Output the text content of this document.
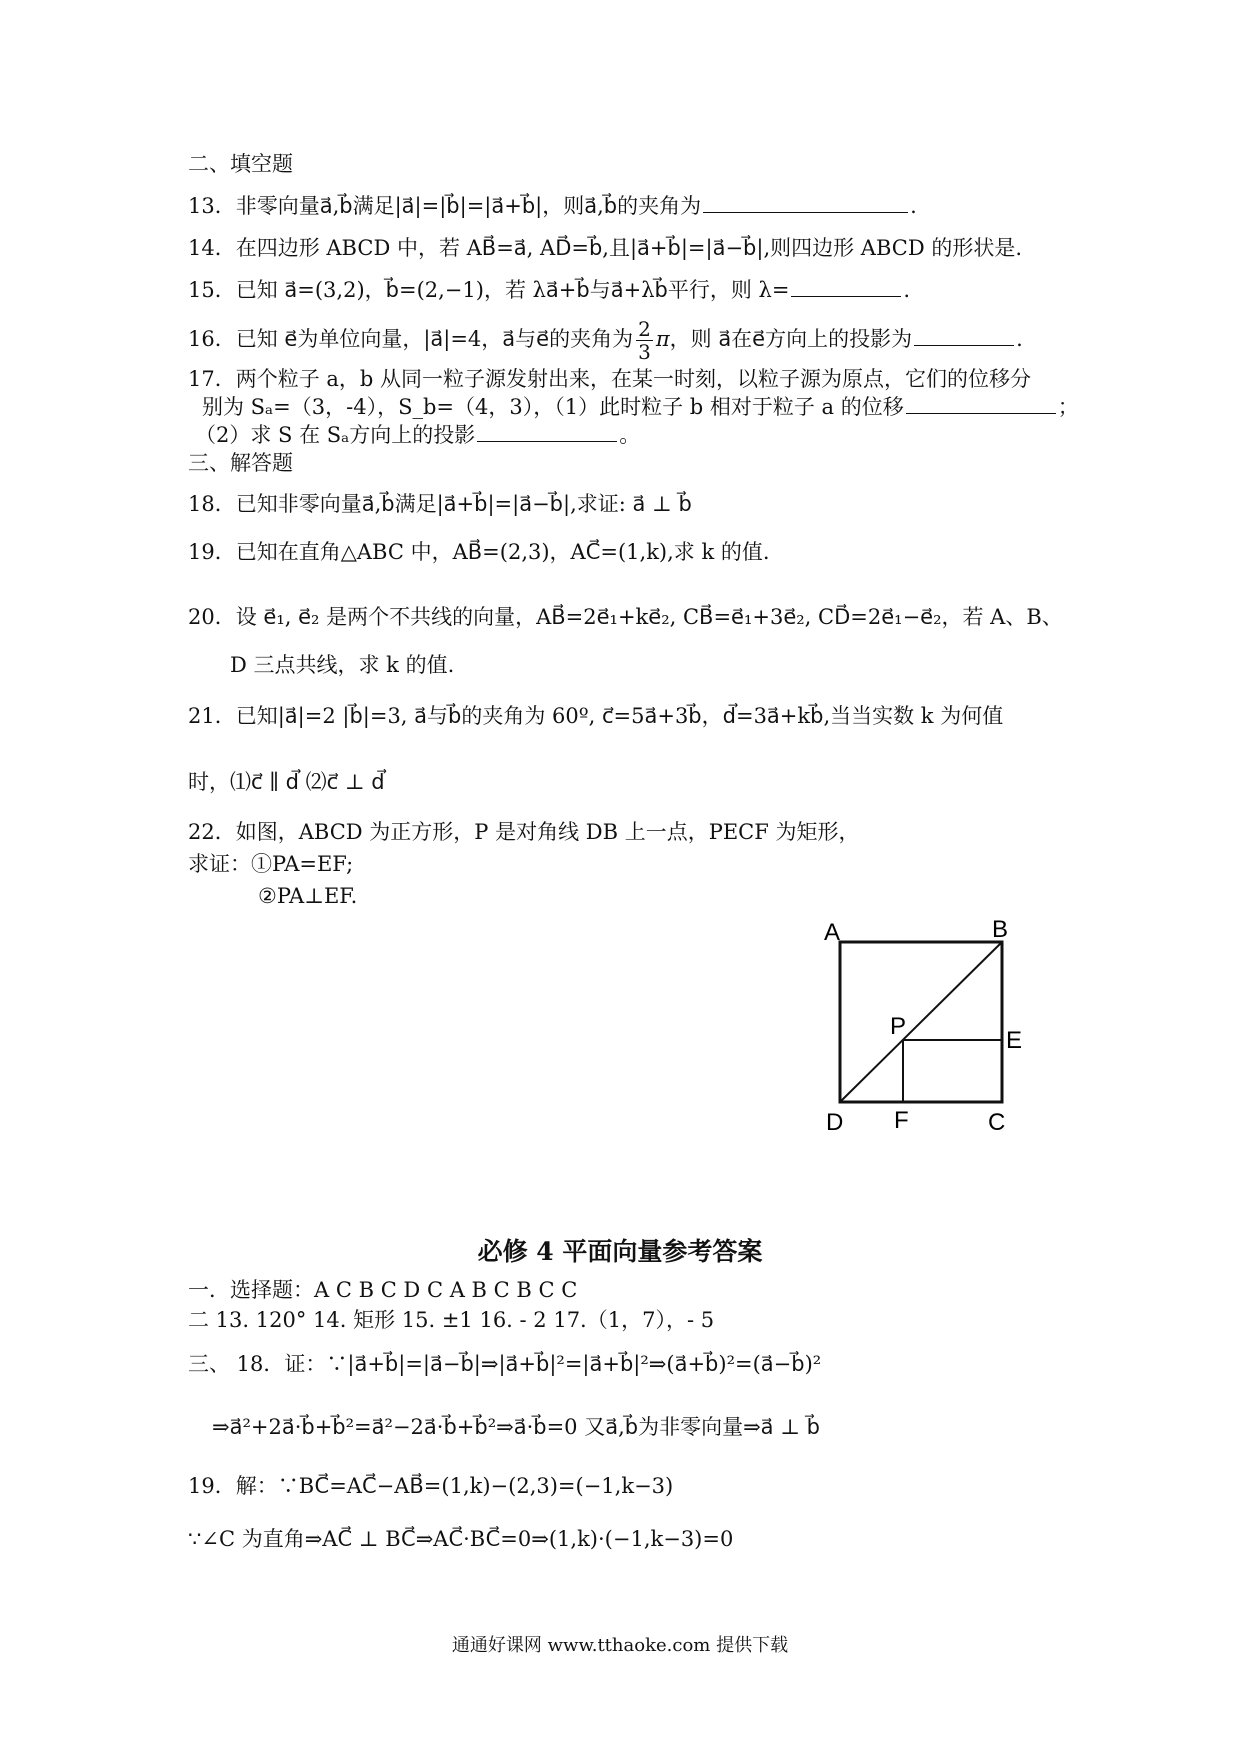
二、填空题
13．非零向量a⃗,b⃗满足|a⃗|=|b⃗|=|a⃗+b⃗|，则a⃗,b⃗的夹角为	.
14．在四边形 ABCD 中，若 AB⃗=a⃗, AD⃗=b⃗,且|a⃗+b⃗|=|a⃗−b⃗|,则四边形 ABCD 的形状是.
15．已知 a⃗=(3,2)，b⃗=(2,−1)，若 λa⃗+b⃗与a⃗+λb⃗平行，则 λ=	.
16．已知 e⃗为单位向量，|a⃗|=4，a⃗与e⃗的夹角为 $\frac{2}{3}$ π，则 a⃗在e⃗方向上的投影为	.
17．两个粒子 a，b 从同一粒子源发射出来，在某一时刻，以粒子源为原点，它们的位移分
别为 Sₐ=（3，-4），S_b=（4，3），（1）此时粒子 b 相对于粒子 a 的位移	；
（2）求 S 在 Sₐ方向上的投影	。
三、解答题
18．已知非零向量a⃗,b⃗满足|a⃗+b⃗|=|a⃗−b⃗|,求证: a⃗ ⊥ b⃗
19．已知在直角△ABC 中，AB⃗=(2,3)，AC⃗=(1,k),求 k 的值.
20．设 e⃗₁, e⃗₂ 是两个不共线的向量，AB⃗=2e⃗₁+ke⃗₂, CB⃗=e⃗₁+3e⃗₂, CD⃗=2e⃗₁−e⃗₂，若 A、B、
D 三点共线，求 k 的值.
21．已知|a⃗|=2 |b⃗|=3, a⃗与b⃗的夹角为 60º, c⃗=5a⃗+3b⃗，d⃗=3a⃗+kb⃗,当当实数 k 为何值
时，⑴c⃗ ∥ d⃗ ⑵c⃗ ⊥ d⃗
22．如图，ABCD 为正方形，P 是对角线 DB 上一点，PECF 为矩形，
求证：①PA=EF;
②PA⊥EF.
A	B
P
E
D F	C
必修 4 平面向量参考答案
一．选择题：A C B C D C A B C B C C
二 13. 120° 14. 矩形 15. ±1 16. - 2 17.（1，7），- 5
三、 18．证：∵|a⃗+b⃗|=|a⃗−b⃗|⇒|a⃗+b⃗|²=|a⃗+b⃗|²⇒(a⃗+b⃗)²=(a⃗−b⃗)²
⇒a⃗²+2a⃗·b⃗+b⃗²=a⃗²−2a⃗·b⃗+b⃗²⇒a⃗·b⃗=0 又a⃗,b⃗为非零向量⇒a⃗ ⊥ b⃗
19．解：∵BC⃗=AC⃗−AB⃗=(1,k)−(2,3)=(−1,k−3)
∵∠C 为直角⇒AC⃗ ⊥ BC⃗⇒AC⃗·BC⃗=0⇒(1,k)·(−1,k−3)=0
通通好课网 www.tthaoke.com 提供下载
